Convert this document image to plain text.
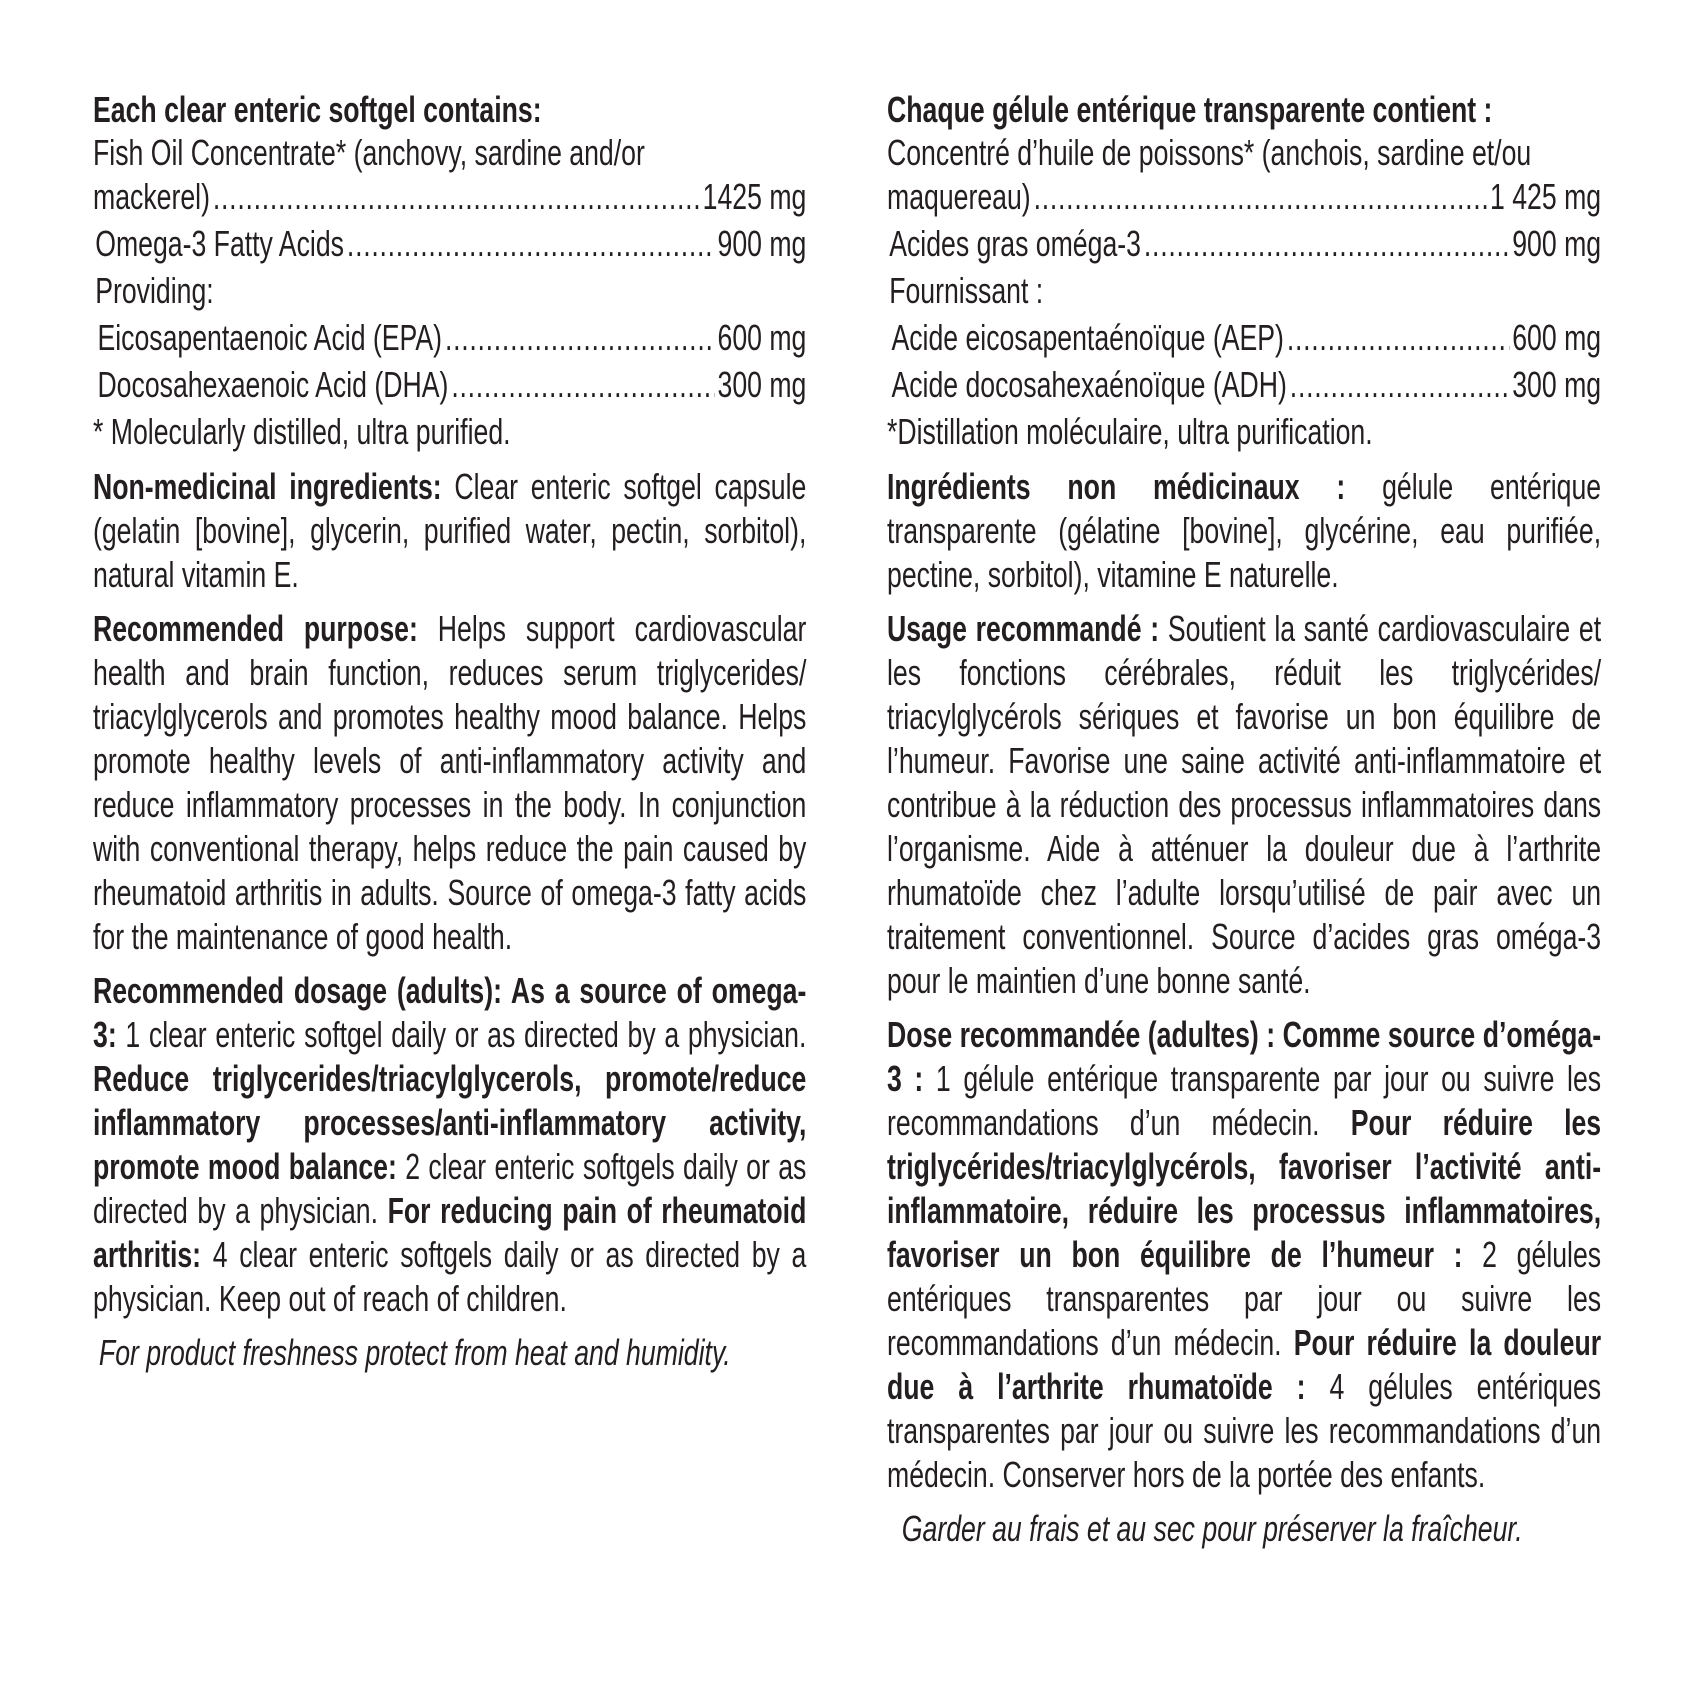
Each clear enteric softgel contains:

Fish Oil Concentrate* (anchovy, sardine and/or
mackerel) .....	1425 mg
Omega-3 Fatty Acids .....	900 mg
Providing:
Eicosapentaenoic Acid (EPA) .....	600 mg
Docosahexaenoic Acid (DHA) .....	300 mg

* Molecularly distilled, ultra purified.

Non-medicinal ingredients: Clear enteric softgel capsule (gelatin [bovine], glycerin, purified water, pectin, sorbitol), natural vitamin E.

Recommended purpose: Helps support cardiovascular health and brain function, reduces serum triglycerides/ triacylglycerols and promotes healthy mood balance. Helps promote healthy levels of anti-inflammatory activity and reduce inflammatory processes in the body. In conjunction with conventional therapy, helps reduce the pain caused by rheumatoid arthritis in adults. Source of omega-3 fatty acids for the maintenance of good health.

Recommended dosage (adults): As a source of omega-3: 1 clear enteric softgel daily or as directed by a physician. Reduce triglycerides/triacylglycerols, promote/reduce inflammatory processes/anti-inflammatory activity, promote mood balance: 2 clear enteric softgels daily or as directed by a physician. For reducing pain of rheumatoid arthritis: 4 clear enteric softgels daily or as directed by a physician. Keep out of reach of children.

For product freshness protect from heat and humidity.

Chaque gélule entérique transparente contient :

Concentré d’huile de poissons* (anchois, sardine et/ou
maquereau) .....	1 425 mg
Acides gras oméga-3 .....	900 mg
Fournissant :
Acide eicosapentaénoïque (AEP) .....	600 mg
Acide docosahexaénoïque (ADH) .....	300 mg

*Distillation moléculaire, ultra purification.

Ingrédients non médicinaux : gélule entérique transparente (gélatine [bovine], glycérine, eau purifiée, pectine, sorbitol), vitamine E naturelle.

Usage recommandé : Soutient la santé cardiovasculaire et les fonctions cérébrales, réduit les triglycérides/ triacylglycérols sériques et favorise un bon équilibre de l’humeur. Favorise une saine activité anti-inflammatoire et contribue à la réduction des processus inflammatoires dans l’organisme. Aide à atténuer la douleur due à l’arthrite rhumatoïde chez l’adulte lorsqu’utilisé de pair avec un traitement conventionnel. Source d’acides gras oméga-3 pour le maintien d’une bonne santé.

Dose recommandée (adultes) : Comme source d’oméga-3 : 1 gélule entérique transparente par jour ou suivre les recommandations d’un médecin. Pour réduire les triglycérides/triacylglycérols, favoriser l’activité anti-inflammatoire, réduire les processus inflammatoires, favoriser un bon équilibre de l’humeur : 2 gélules entériques transparentes par jour ou suivre les recommandations d’un médecin. Pour réduire la douleur due à l’arthrite rhumatoïde : 4 gélules entériques transparentes par jour ou suivre les recommandations d’un médecin. Conserver hors de la portée des enfants.

Garder au frais et au sec pour préserver la fraîcheur.
